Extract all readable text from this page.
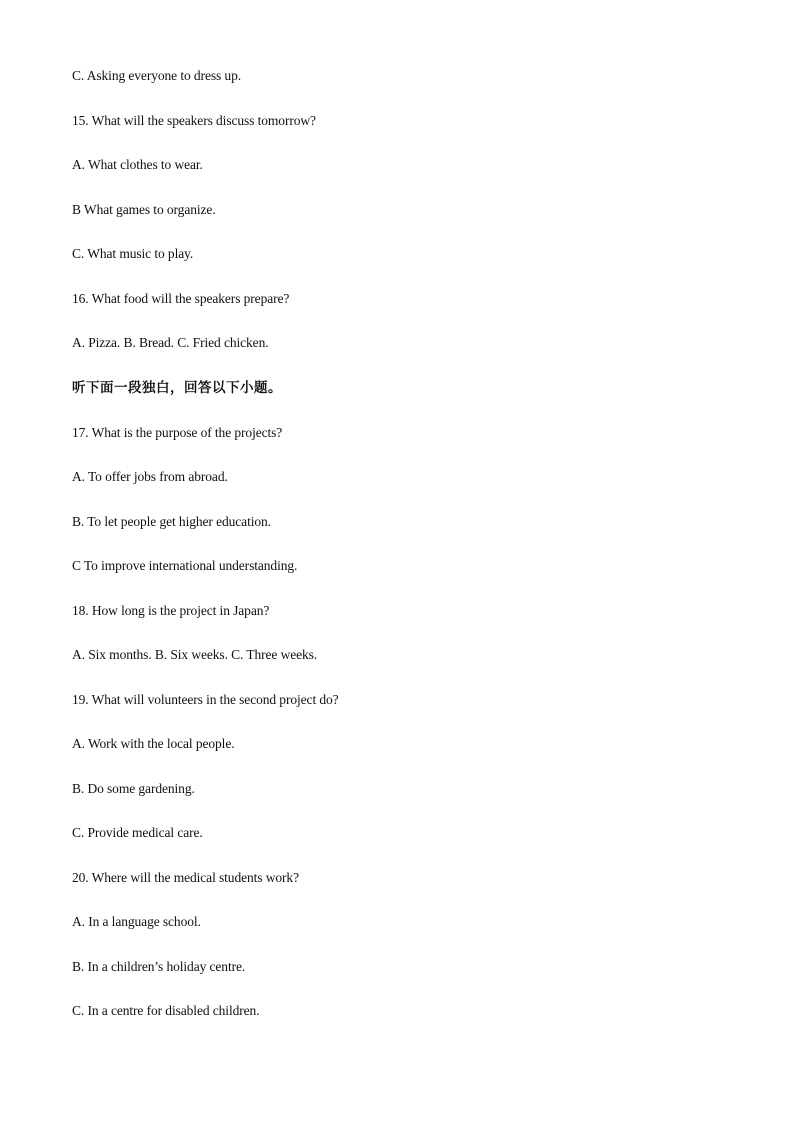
C. Asking everyone to dress up.
15. What will the speakers discuss tomorrow?
A. What clothes to wear.
B What games to organize.
C. What music to play.
16. What food will the speakers prepare?
A. Pizza. B. Bread. C. Fried chicken.
听下面一段独白，回答以下小题。
17. What is the purpose of the projects?
A. To offer jobs from abroad.
B. To let people get higher education.
C To improve international understanding.
18. How long is the project in Japan?
A. Six months. B. Six weeks. C. Three weeks.
19. What will volunteers in the second project do?
A. Work with the local people.
B. Do some gardening.
C. Provide medical care.
20. Where will the medical students work?
A. In a language school.
B. In a children’s holiday centre.
C. In a centre for disabled children.
